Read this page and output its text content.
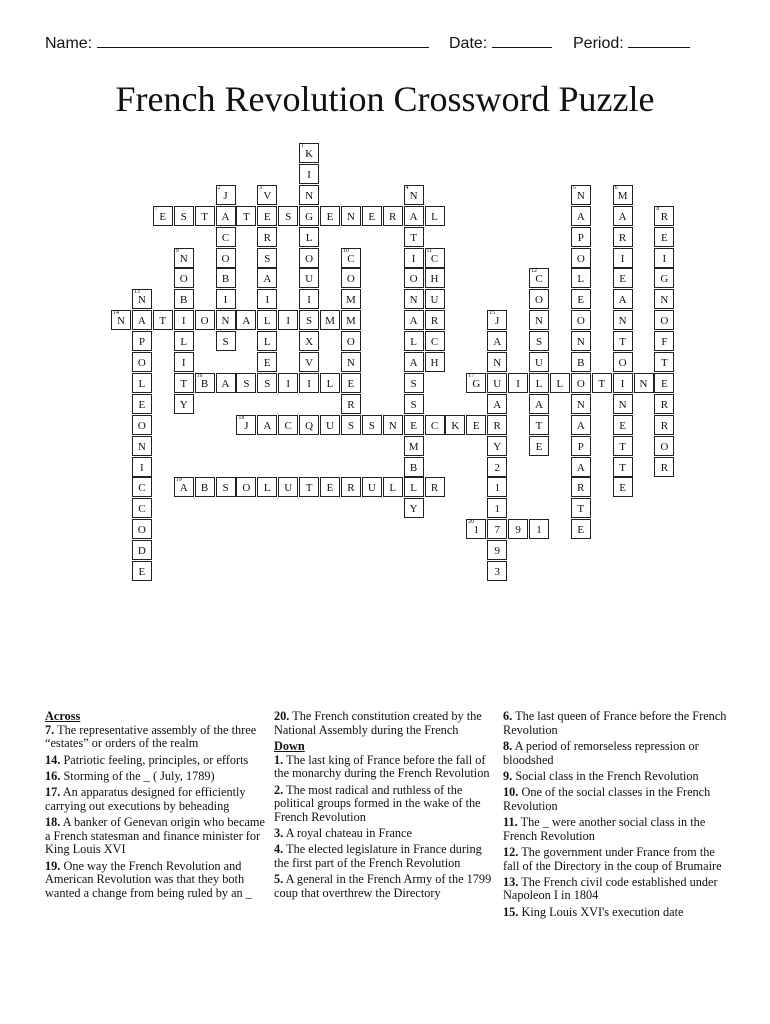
Name:	Date:	Period:
French Revolution Crossword Puzzle
1
K
I
N
G
L
O
U
I
S
X
V
I
2
J
A
C
O
B
I
N
S
3
V
E
R
S
A
I
L
L
E
S
4
N
A
T
I
O
N
A
L
A
S
S
E
M
B
L
Y
5
N
A
P
O
L
E
O
N
B
O
N
A
P
A
R
T
E
6
M
A
R
I
E
A
N
T
O
I
N
E
T
T
E
7
E	S	T	T	S	E	N	E	R	L
8
R
E
I
G
N
O
F
T
E
R
R
O
R
9
N
O
B
I
L
I
T
Y
10
C
O
M
M
O
N
E
R
S
11
C
H
U
R
C
H
12
C
O
N
S
U
L
A
T
E
13
N
A
P
O
L
E
O
N
I
C
C
O
D
E
14
N	T	O	A	I	M
15
J
A
N
U
A
R
Y
2
1
1
7
9
3
16
B	A	S	I	L
17
G	I	L	T	N
18
J	A	C	Q	U	S	N	C	K	E
19
A	B	S	O	L	U	T	E	R	U	L	R
20
1	9	1
Across
7. The representative assembly of the three “estates” or orders of the realm
14. Patriotic feeling, principles, or efforts
16. Storming of the _ ( July, 1789)
17. An apparatus designed for efficiently carrying out executions by beheading
18. A banker of Genevan origin who became a French statesman and finance minister for King Louis XVI
19. One way the French Revolution and American Revolution was that they both wanted a change from being ruled by an _
20. The French constitution created by the National Assembly during the French
Down
1. The last king of France before the fall of the monarchy during the French Revolution
2. The most radical and ruthless of the political groups formed in the wake of the French Revolution
3. A royal chateau in France
4. The elected legislature in France during the first part of the French Revolution
5. A general in the French Army of the 1799 coup that overthrew the Directory
6. The last queen of France before the French Revolution
8. A period of remorseless repression or bloodshed
9. Social class in the French Revolution
10. One of the social classes in the French Revolution
11. The _ were another social class in the French Revolution
12. The government under France from the fall of the Directory in the coup of Brumaire
13. The French civil code established under Napoleon I in 1804
15. King Louis XVI's execution date
